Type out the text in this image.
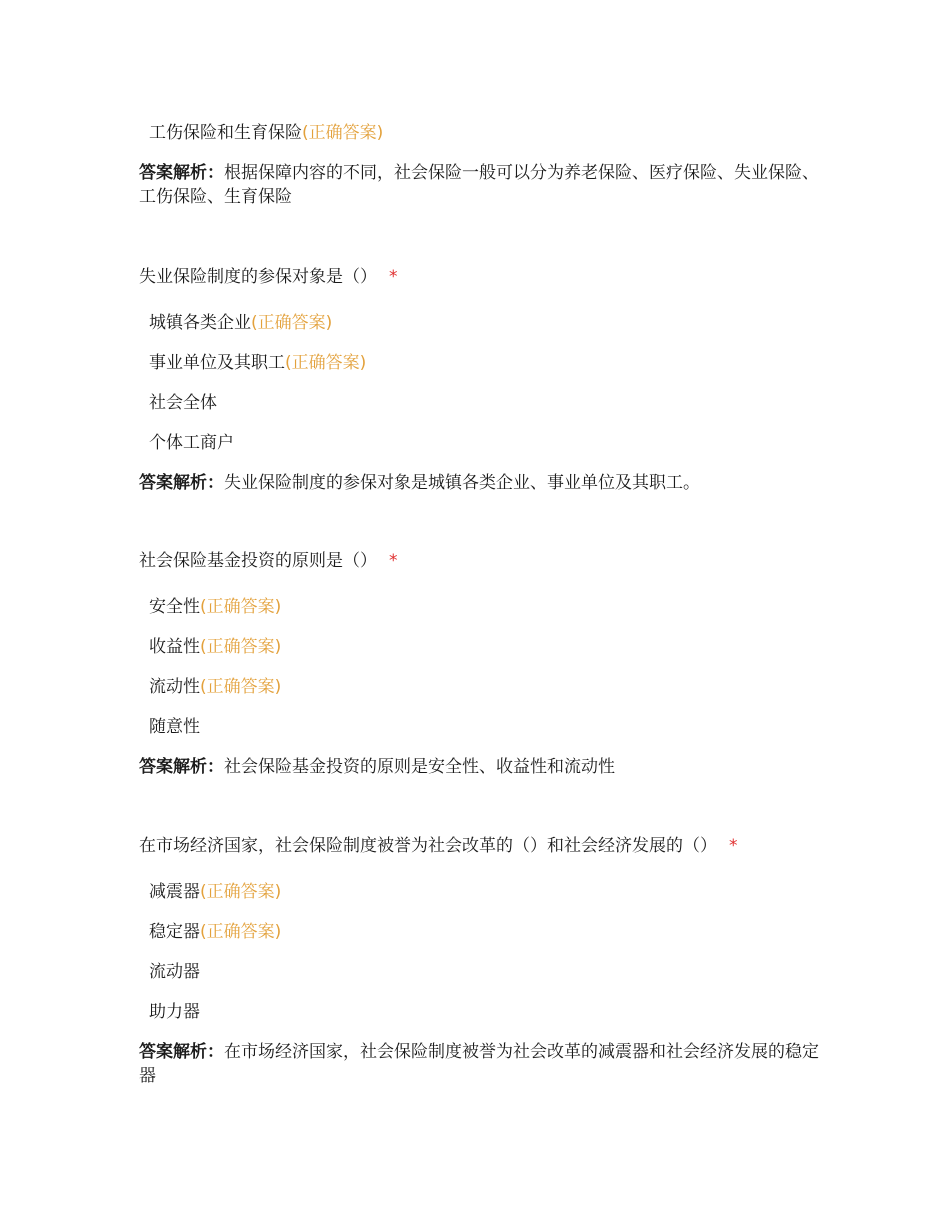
工伤保险和生育保险(正确答案)
答案解析：根据保障内容的不同，社会保险一般可以分为养老保险、医疗保险、失业保险、工伤保险、生育保险
失业保险制度的参保对象是（） *
城镇各类企业(正确答案)
事业单位及其职工(正确答案)
社会全体
个体工商户
答案解析：失业保险制度的参保对象是城镇各类企业、事业单位及其职工。
社会保险基金投资的原则是（） *
安全性(正确答案)
收益性(正确答案)
流动性(正确答案)
随意性
答案解析：社会保险基金投资的原则是安全性、收益性和流动性
在市场经济国家，社会保险制度被誉为社会改革的（）和社会经济发展的（） *
减震器(正确答案)
稳定器(正确答案)
流动器
助力器
答案解析：在市场经济国家，社会保险制度被誉为社会改革的减震器和社会经济发展的稳定器
